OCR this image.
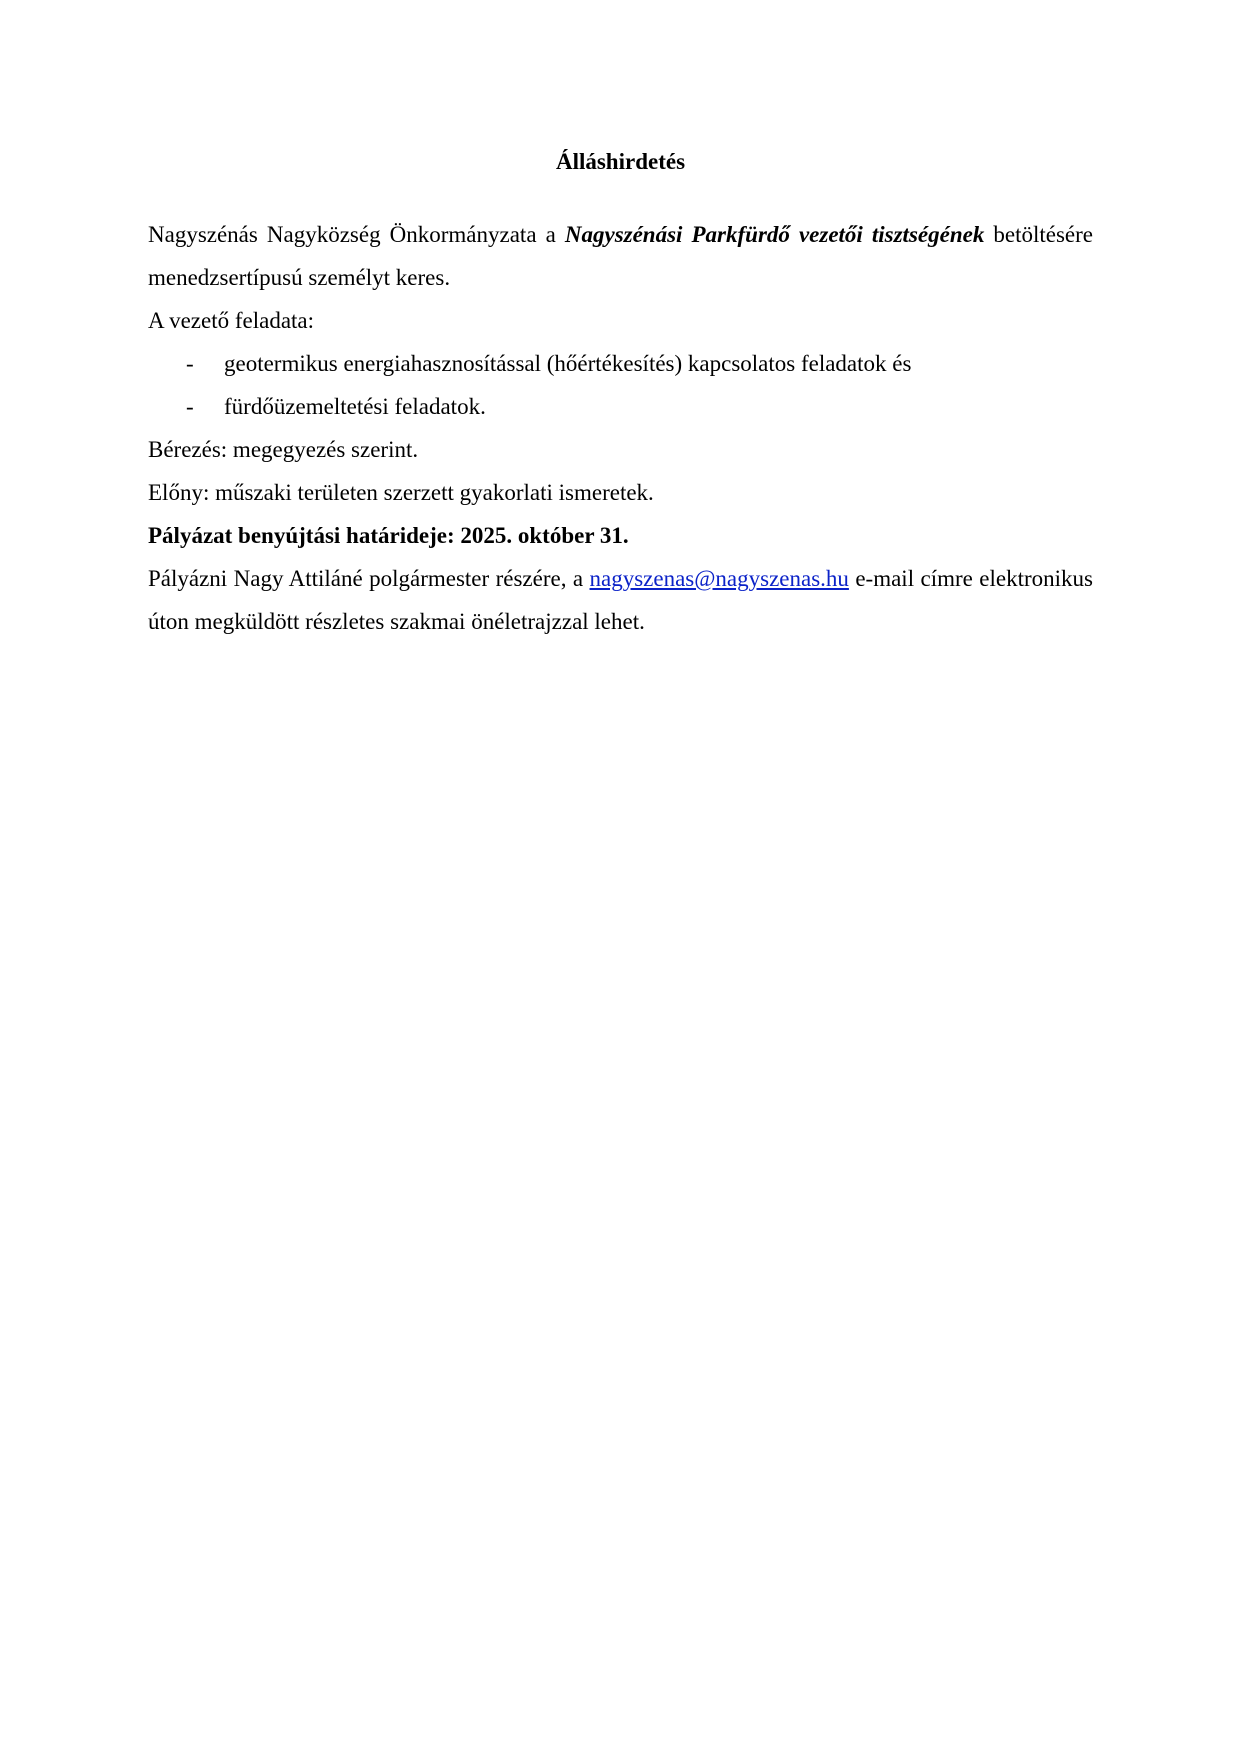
Álláshirdetés

Nagyszénás Nagyközség Önkormányzata a Nagyszénási Parkfürdő vezetői tisztségének betöltésére menedzsertípusú személyt keres.

A vezető feladata:

- geotermikus energiahasznosítással (hőértékesítés) kapcsolatos feladatok és
- fürdőüzemeltetési feladatok.

Bérezés: megegyezés szerint.

Előny: műszaki területen szerzett gyakorlati ismeretek.

Pályázat benyújtási határideje: 2025. október 31.

Pályázni Nagy Attiláné polgármester részére, a nagyszenas@nagyszenas.hu e-mail címre elektronikus úton megküldött részletes szakmai önéletrajzzal lehet.
